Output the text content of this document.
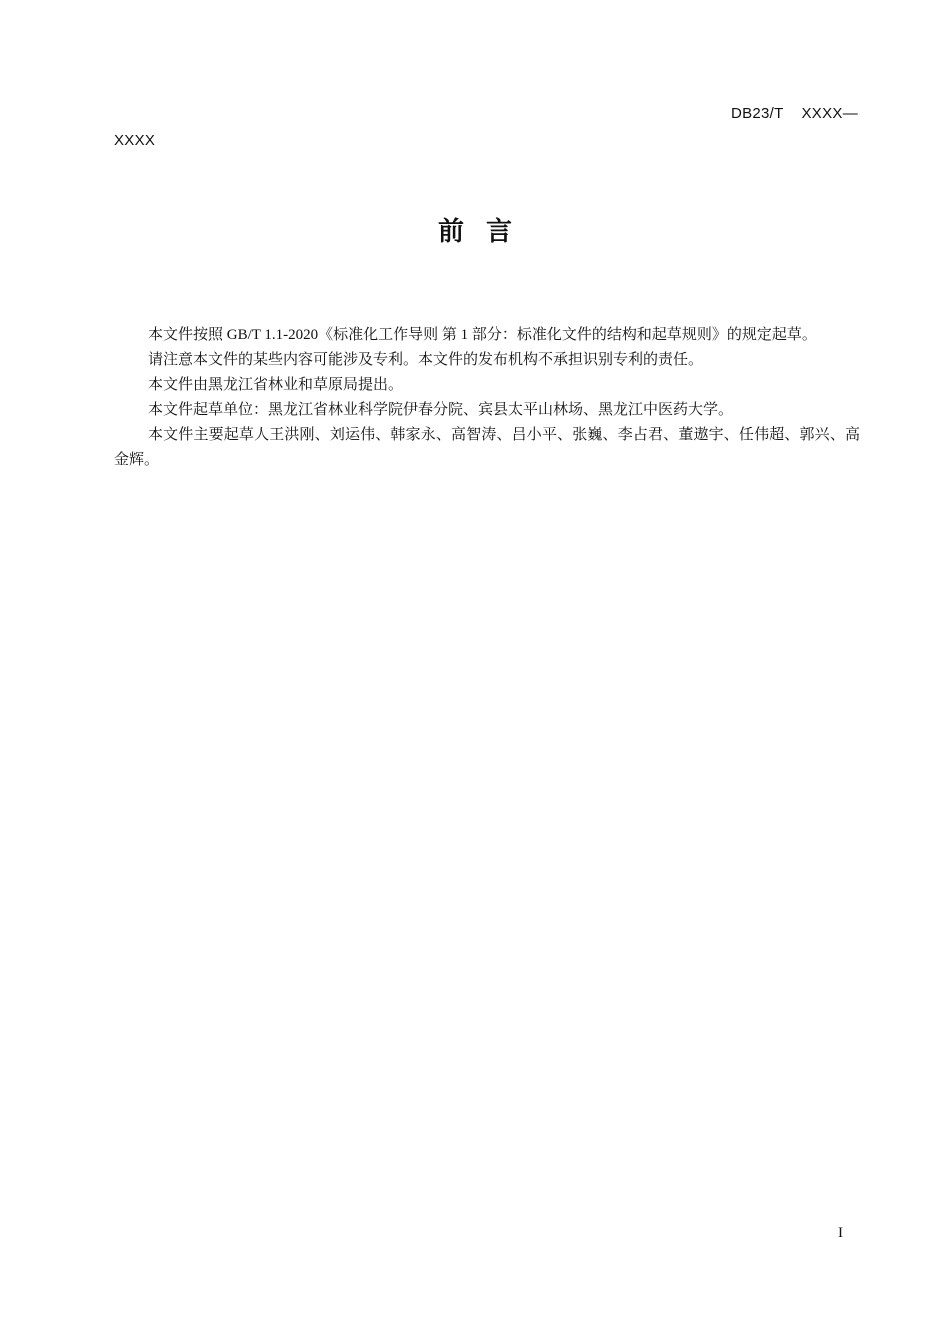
DB23/T    XXXX—
XXXX
前言

本文件按照 GB/T 1.1-2020《标准化工作导则 第 1 部分：标准化文件的结构和起草规则》的规定起草。

请注意本文件的某些内容可能涉及专利。本文件的发布机构不承担识别专利的责任。

本文件由黑龙江省林业和草原局提出。

本文件起草单位：黑龙江省林业科学院伊春分院、宾县太平山林场、黑龙江中医药大学。

本文件主要起草人王洪刚、刘运伟、韩家永、高智涛、吕小平、张巍、李占君、董遨宇、任伟超、郭兴、高金辉。

I
